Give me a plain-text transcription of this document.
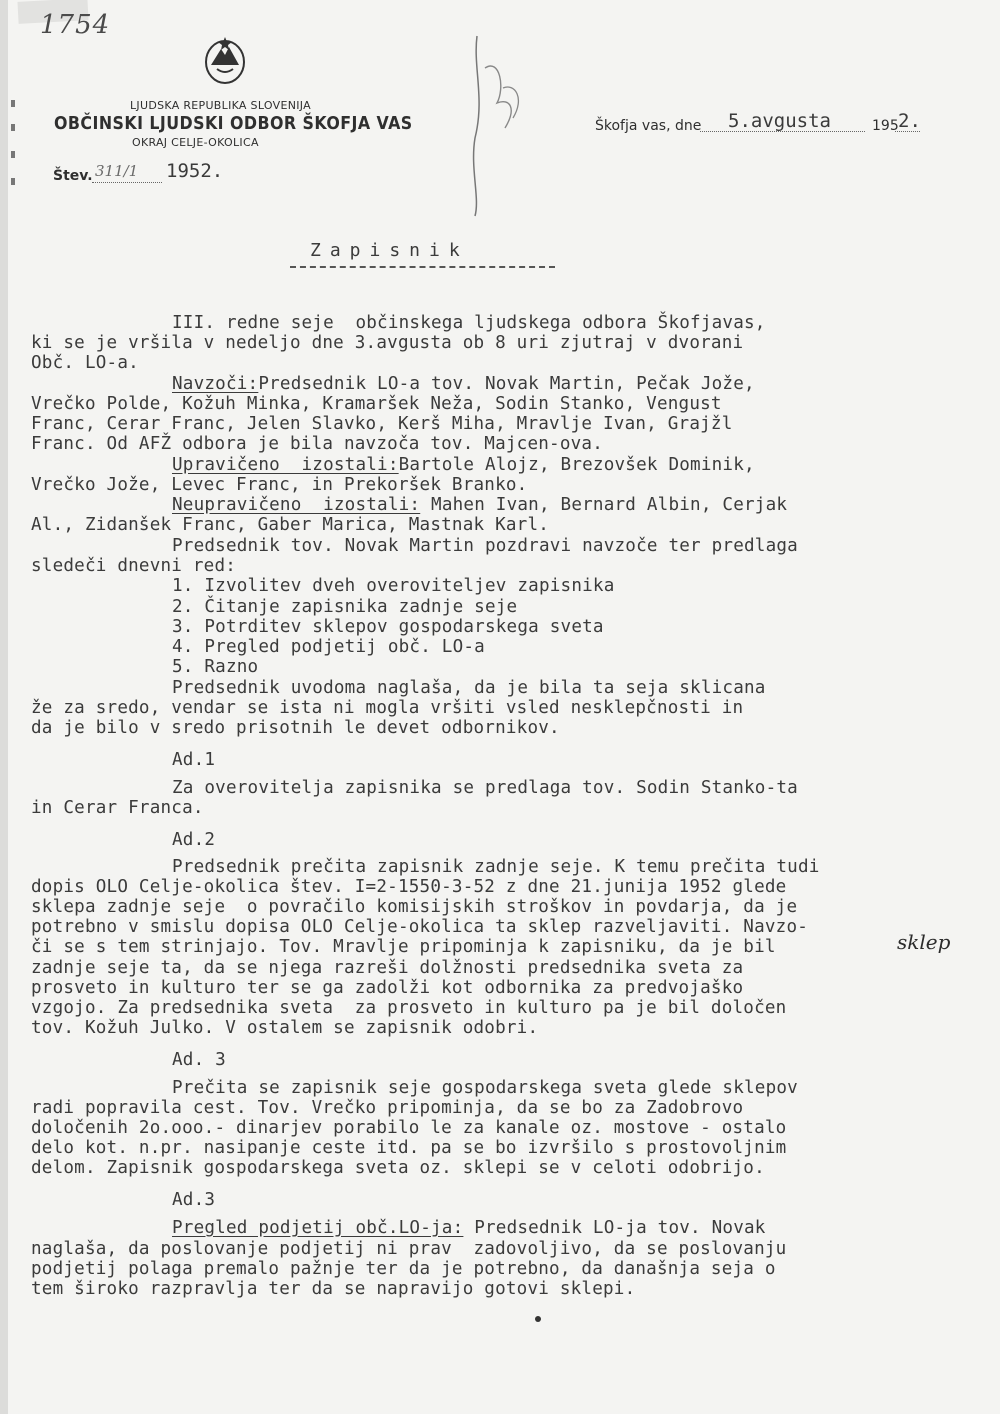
1754
LJUDSKA REPUBLIKA SLOVENIJA
OBČINSKI LJUDSKI ODBOR ŠKOFJA VAS
OKRAJ CELJE-OKOLICA
Škofja vas, dne 5.avgusta	195 2.
Štev. 311/1 1952.
Zapisnik
III. redne seje  občinskega ljudskega odbora Škofjavas,
ki se je vršila v nedeljo dne 3.avgusta ob 8 uri zjutraj v dvorani
Obč. LO-a.
Navzoči:Predsednik LO-a tov. Novak Martin, Pečak Jože,
Vrečko Polde, Kožuh Minka, Kramaršek Neža, Sodin Stanko, Vengust
Franc, Cerar Franc, Jelen Slavko, Kerš Miha, Mravlje Ivan, Grajžl
Franc. Od AFŽ odbora je bila navzoča tov. Majcen-ova.
Upravičeno  izostali:Bartole Alojz, Brezovšek Dominik,
Vrečko Jože, Levec Franc, in Prekoršek Branko.
Neupravičeno  izostali: Mahen Ivan, Bernard Albin, Cerjak
Al., Zidanšek Franc, Gaber Marica, Mastnak Karl.
Predsednik tov. Novak Martin pozdravi navzoče ter predlaga
sledeči dnevni red:
1. Izvolitev dveh overoviteljev zapisnika
2. Čitanje zapisnika zadnje seje
3. Potrditev sklepov gospodarskega sveta
4. Pregled podjetij obč. LO-a
5. Razno
Predsednik uvodoma naglaša, da je bila ta seja sklicana
že za sredo, vendar se ista ni mogla vršiti vsled nesklepčnosti in
da je bilo v sredo prisotnih le devet odbornikov.
Ad.1
Za overovitelja zapisnika se predlaga tov. Sodin Stanko-ta
in Cerar Franca.
Ad.2
Predsednik prečita zapisnik zadnje seje. K temu prečita tudi
dopis OLO Celje-okolica štev. I=2-1550-3-52 z dne 21.junija 1952 glede
sklepa zadnje seje  o povračilo komisijskih stroškov in povdarja, da je
potrebno v smislu dopisa OLO Celje-okolica ta sklep razveljaviti. Navzo-
či se s tem strinjajo. Tov. Mravlje pripominja k zapisniku, da je bil
zadnje seje ta, da se njega razreši dolžnosti predsednika sveta za
prosveto in kulturo ter se ga zadolži kot odbornika za predvojaško
vzgojo. Za predsednika sveta  za prosveto in kulturo pa je bil določen
tov. Kožuh Julko. V ostalem se zapisnik odobri.
Ad. 3
Prečita se zapisnik seje gospodarskega sveta glede sklepov
radi popravila cest. Tov. Vrečko pripominja, da se bo za Zadobrovo
določenih 2o.ooo.- dinarjev porabilo le za kanale oz. mostove - ostalo
delo kot. n.pr. nasipanje ceste itd. pa se bo izvršilo s prostovoljnim
delom. Zapisnik gospodarskega sveta oz. sklepi se v celoti odobrijo.
Ad.3
Pregled podjetij obč.LO-ja: Predsednik LO-ja tov. Novak
naglaša, da poslovanje podjetij ni prav  zadovoljivo, da se poslovanju
podjetij polaga premalo pažnje ter da je potrebno, da današnja seja o
tem široko razpravlja ter da se napravijo gotovi sklepi.
sklep
